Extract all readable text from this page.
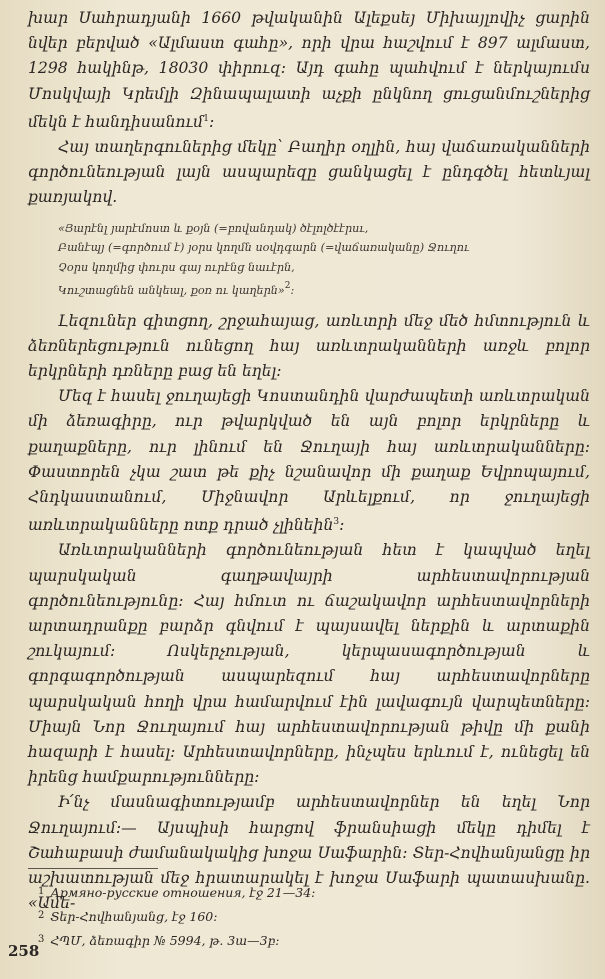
խար Սահրադյանի 1660 թվականին Ալեքսեյ Միխայլովիչ ցարին նվեր բերված «Ալմաստ գահը», որի վրա հաշվում է 897 ալմաստ, 1298 հակինթ, 18030 փիրուզ: Այդ գահը պահվում է ներկայումս Մոսկվայի Կրեմլի Զինապալատի աչքի ընկնող ցուցանմուշներից մեկն է հանդիսանում$^1$:

Հայ տաղերգուներից մեկը՝ Բաղիր օղլին, հայ վաճառականների գործունեության լայն ասպարեզը ցանկացել է ընդգծել հետևյալ քառյակով.

«Յարէնլ յարէմոստ և քօյն (=բովանդակ) ծէլոլծէէրսւ,
Բանէպյ (=գործում է) յօրս կողմն սօվդգարն (=վաճառականը) Ջուղու
Չօրս կողմից փուրս գայ ուրէնց նաւէրն,
Կուշտացնեն անկեալ, քօռ ու կաղերն»$^2$:

Լեզուներ գիտցող, շրջահայաց, առևտրի մեջ մեծ հմտություն և ձեռներեցություն ունեցող հայ առևտրականների առջև բոլոր երկրների դռները բաց են եղել:

Մեզ է հասել ջուղայեցի Կոստանդին վարժապետի առևտրական մի ձեռագիրը, ուր թվարկված են այն բոլոր երկրները և քաղաքները, ուր լինում են Ջուղայի հայ առևտրականները: Փաստորեն չկա շատ թե քիչ նշանավոր մի քաղաք Եվրոպայում, Հնդկաստանում, Միջնավոր Արևելքում, որ ջուղայեցի առևտրականները ոտք դրած չլինեին$^3$:

Առևտրականների գործունեության հետ է կապված եղել պարսկական գաղթավայրի արհեստավորության գործունեությունը: Հայ հմուտ ու ճաշակավոր արհեստավորների արտադրանքը բարձր գնվում է պայսավել ներքին և արտաքին շուկայում: Ոսկերչության, կերպասագործության և գորգագործության ասպարեզում հայ արհեստավորները պարսկական հողի վրա համարվում էին լավագույն վարպետները: Միայն Նոր Ջուղայում հայ արհեստավորության թիվը մի քանի հազարի է հասել: Արհեստավորները, ինչպես երևում է, ունեցել են իրենց համքարությունները:

Ի՛նչ մասնագիտությամբ արհեստավորներ են եղել Նոր Ջուղայում:— Այսպիսի հարցով ֆրանսիացի մեկը դիմել է Շահաբասի ժամանակակից խոջա Սաֆարին: Տեր-Հովհանյանցը իր աշխատության մեջ հրատարակել է խոջա Սաֆարի պատասխանը. «Ամե-

$^1$ Армяно-русские отношения, էջ 21—34:
$^2$ Տեր-Հովհանյանց, էջ 160:
$^3$ ՀՊՄ, ձեռագիր № 5994, թ. 3ա—3բ:
258
